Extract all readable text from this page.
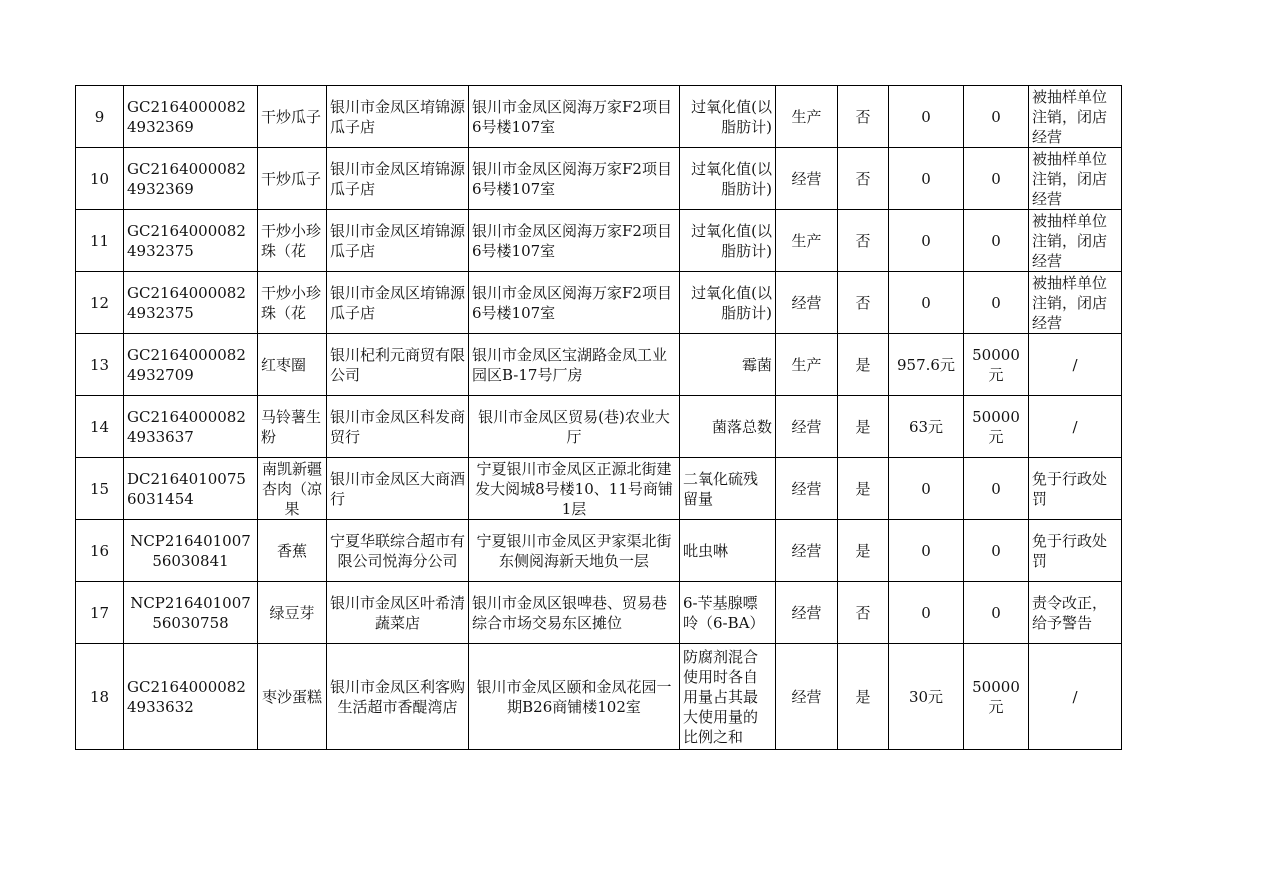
9	GC21640000824932369	干炒瓜子	银川市金凤区堉锦源瓜子店	银川市金凤区阅海万家F2项目6号楼107室	过氧化值(以脂肪计)	生产	否	0	0	被抽样单位注销，闭店经营

10	GC21640000824932369	干炒瓜子	银川市金凤区堉锦源瓜子店	银川市金凤区阅海万家F2项目6号楼107室	过氧化值(以脂肪计)	经营	否	0	0	被抽样单位注销，闭店经营

11	GC21640000824932375	干炒小珍珠（花	银川市金凤区堉锦源瓜子店	银川市金凤区阅海万家F2项目6号楼107室	过氧化值(以脂肪计)	生产	否	0	0	被抽样单位注销，闭店经营

12	GC21640000824932375	干炒小珍珠（花	银川市金凤区堉锦源瓜子店	银川市金凤区阅海万家F2项目6号楼107室	过氧化值(以脂肪计)	经营	否	0	0	被抽样单位注销，闭店经营

13	GC21640000824932709	红枣圈	银川杞利元商贸有限公司	银川市金凤区宝湖路金凤工业园区B-17号厂房	霉菌	生产	是	957.6元	50000元	/

14	GC21640000824933637	马铃薯生粉	银川市金凤区科发商贸行	银川市金凤区贸易(巷)农业大厅	菌落总数	经营	是	63元	50000元	/

15	DC21640100756031454	南凯新疆杏肉（凉果	银川市金凤区大商酒行	宁夏银川市金凤区正源北街建发大阅城8号楼10、11号商铺1层	二氧化硫残留量	经营	是	0	0	免于行政处罚

16	NCP21640100756030841	香蕉	宁夏华联综合超市有限公司悦海分公司	宁夏银川市金凤区尹家渠北街东侧阅海新天地负一层	吡虫啉	经营	是	0	0	免于行政处罚

17	NCP21640100756030758	绿豆芽	银川市金凤区叶希清蔬菜店	银川市金凤区银啤巷、贸易巷综合市场交易东区摊位	6-苄基腺嘌呤（6-BA）	经营	否	0	0	责令改正，给予警告

18	GC21640000824933632	枣沙蛋糕	银川市金凤区利客购生活超市香醍湾店	银川市金凤区颐和金凤花园一期B26商铺楼102室	防腐剂混合使用时各自用量占其最大使用量的比例之和	经营	是	30元	50000元	/
